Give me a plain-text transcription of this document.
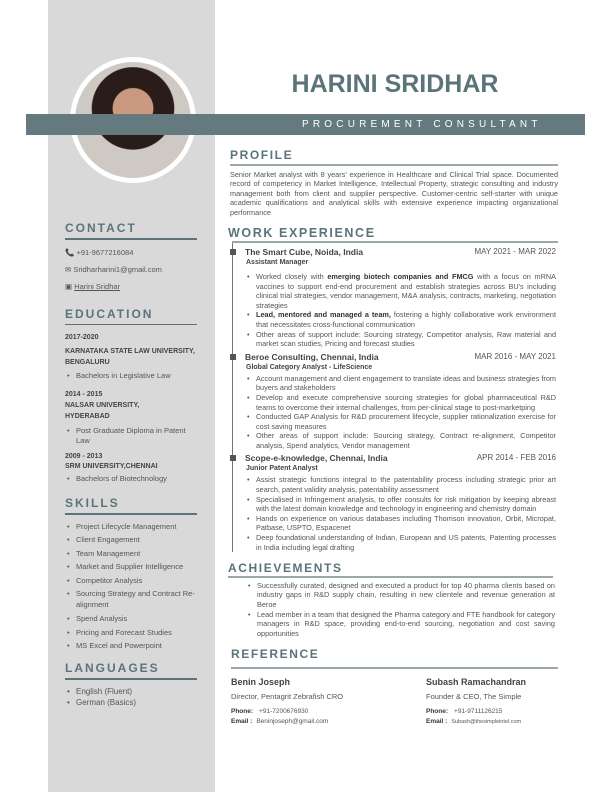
HARINI SRIDHAR
PROCUREMENT CONSULTANT
CONTACT
📞 +91-9677216084
✉ Sridharharini1@gmail.com
▣ Harini Sridhar
EDUCATION
2017-2020
KARNATAKA STATE LAW UNIVERSITY, BENGALURU
• Bachelors in Legislative Law
2014 - 2015
NALSAR UNIVERSITY, HYDERABAD
• Post Graduate Diploma in Patent Law
2009 - 2013
SRM UNIVERSITY,CHENNAI
• Bachelors of Biotechnology
SKILLS
• Project Lifecycle Management
• Client Engagement
• Team Management
• Market and Supplier Intelligence
• Competitor Analysis
• Sourcing Strategy and Contract Re-alignment
• Spend Analysis
• Pricing and Forecast Studies
• MS Excel and Powerpoint
LANGUAGES
• English (Fluent)
• German (Basics)
PROFILE
Senior Market analyst with 8 years' experience in Healthcare and Clinical Trial space. Documented record of competency in Market Intelligence, Intellectual Property, strategic consulting and industry management both from client and supplier perspective. Customer-centric self-starter with unique academic qualifications and analytical skills with extensive experience impacting organizational performance
WORK EXPERIENCE
The Smart Cube, Noida, India	MAY 2021 - MAR 2022
Assistant Manager
• Worked closely with emerging biotech companies and FMCG with a focus on mRNA vaccines to support end-end procurement and establish strategies across BU's including clinical trial strategies, vendor management, M&A analysis, contracts, marketing, negotiation strategies
• Lead, mentored and managed a team, fostering a highly collaborative work environment that necessitates cross-functional communication
• Other areas of support include: Sourcing strategy, Competitor analysis, Raw material and market scan studies, Pricing and forecast studies
Beroe Consulting, Chennai, India	MAR 2016 - MAY 2021
Global Category Analyst - LifeScience
• Account management and client engagement to translate ideas and business strategies from buyers and stakeholders
• Develop and execute comprehensive sourcing strategies for global pharmaceutical R&D teams to overcome their internal challenges, from per-clinical stage to post-marketping
• Conducted GAP Analysis for R&D procurement lifecycle, supplier rationalization exercise for cost saving measures
• Other areas of support include: Sourcing strategy, Contract re-alignment, Competitor analysis, Spend analytics, Vendor management
Scope-e-knowledge, Chennai, India	APR 2014 - FEB 2016
Junior Patent Analyst
• Assist strategic functions integral to the patentability process including strategic prior art search, patent validity analysis, patentability assessment
• Specialised in Infringement analysis, to offer consults for risk mitigation by keeping abreast with the latest domain knowledge and technology in engineering and chemistry domain
• Hands on experience on various databases including Thomson innovation, Orbit, Micropat, Patbase, USPTO, Espacenet
• Deep foundational understanding of Indian, European and US patents, Patenting processes in India including legal drafting
ACHIEVEMENTS
• Successfully curated, designed and executed a product for top 40 pharma clients based on industry gaps in R&D supply chain, resulting in new clientele and revenue generation at Beroe
• Lead member in a team that designed the Pharma category and FTE handbook for category managers in R&D space, providing end-to-end sourcing, negotiation and cost saving opportunities
REFERENCE
Benin Joseph
Director, Pentagrit Zebrafish CRO
Phone: +91-7200676930
Email : Beninjoseph@gmail.com
Subash Ramachandran
Founder & CEO, The Simple
Phone: +91-9711126215
Email : Subash@thesimpleintel.com
